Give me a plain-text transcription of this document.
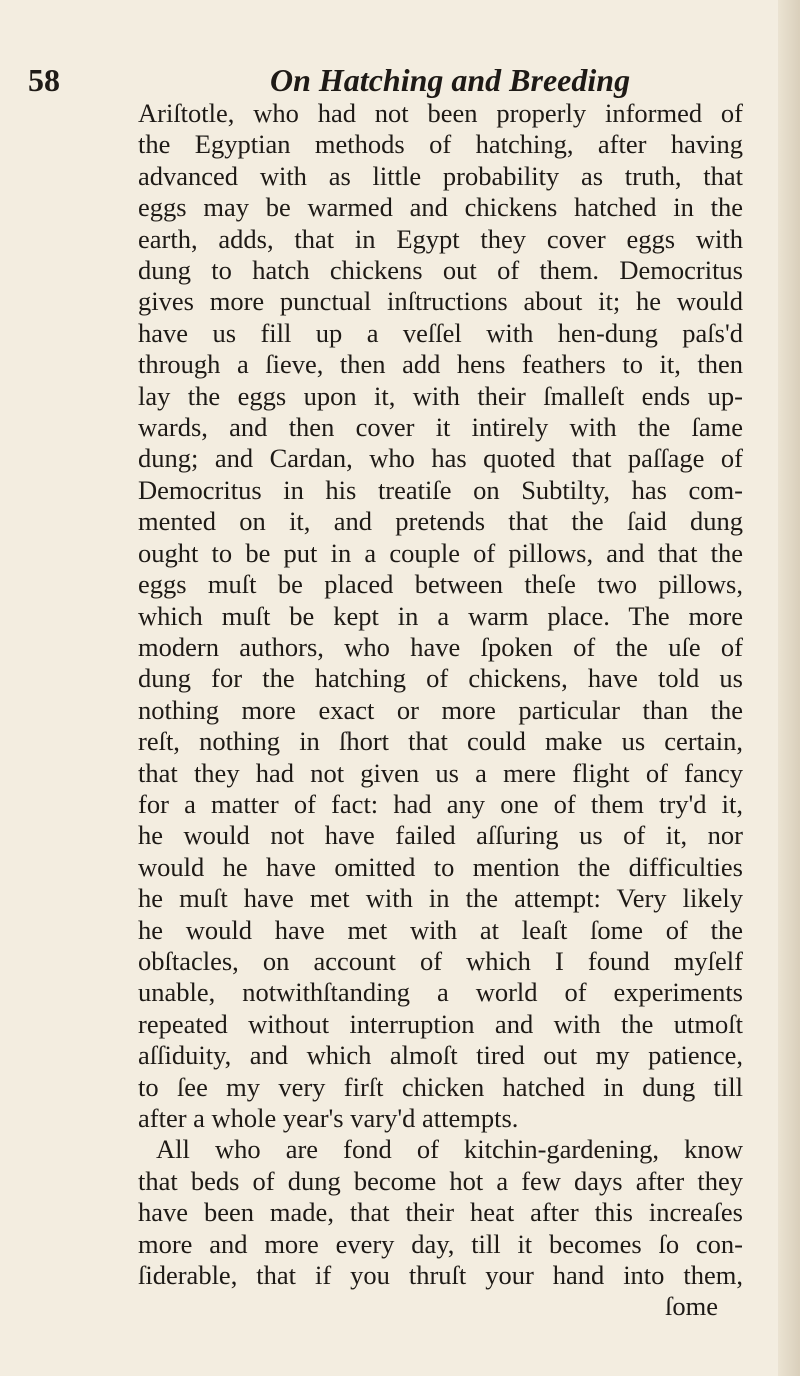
58	On Hatching and Breeding
Ariſtotle, who had not been properly informed of
the Egyptian methods of hatching, after having
advanced with as little probability as truth, that
eggs may be warmed and chickens hatched in the
earth, adds, that in Egypt they cover eggs with
dung to hatch chickens out of them. Democritus
gives more punctual inſtructions about it; he would
have us fill up a veſſel with hen-dung paſs'd
through a ſieve, then add hens feathers to it, then
lay the eggs upon it, with their ſmalleſt ends up-
wards, and then cover it intirely with the ſame
dung; and Cardan, who has quoted that paſſage of
Democritus in his treatiſe on Subtilty, has com-
mented on it, and pretends that the ſaid dung
ought to be put in a couple of pillows, and that the
eggs muſt be placed between theſe two pillows,
which muſt be kept in a warm place. The more
modern authors, who have ſpoken of the uſe of
dung for the hatching of chickens, have told us
nothing more exact or more particular than the
reſt, nothing in ſhort that could make us certain,
that they had not given us a mere flight of fancy
for a matter of fact: had any one of them try'd it,
he would not have failed aſſuring us of it, nor
would he have omitted to mention the difficulties
he muſt have met with in the attempt: Very likely
he would have met with at leaſt ſome of the
obſtacles, on account of which I found myſelf
unable, notwithſtanding a world of experiments
repeated without interruption and with the utmoſt
aſſiduity, and which almoſt tired out my patience,
to ſee my very firſt chicken hatched in dung till
after a whole year's vary'd attempts.
All who are fond of kitchin-gardening, know
that beds of dung become hot a few days after they
have been made, that their heat after this increaſes
more and more every day, till it becomes ſo con-
ſiderable, that if you thruſt your hand into them,
ſome
